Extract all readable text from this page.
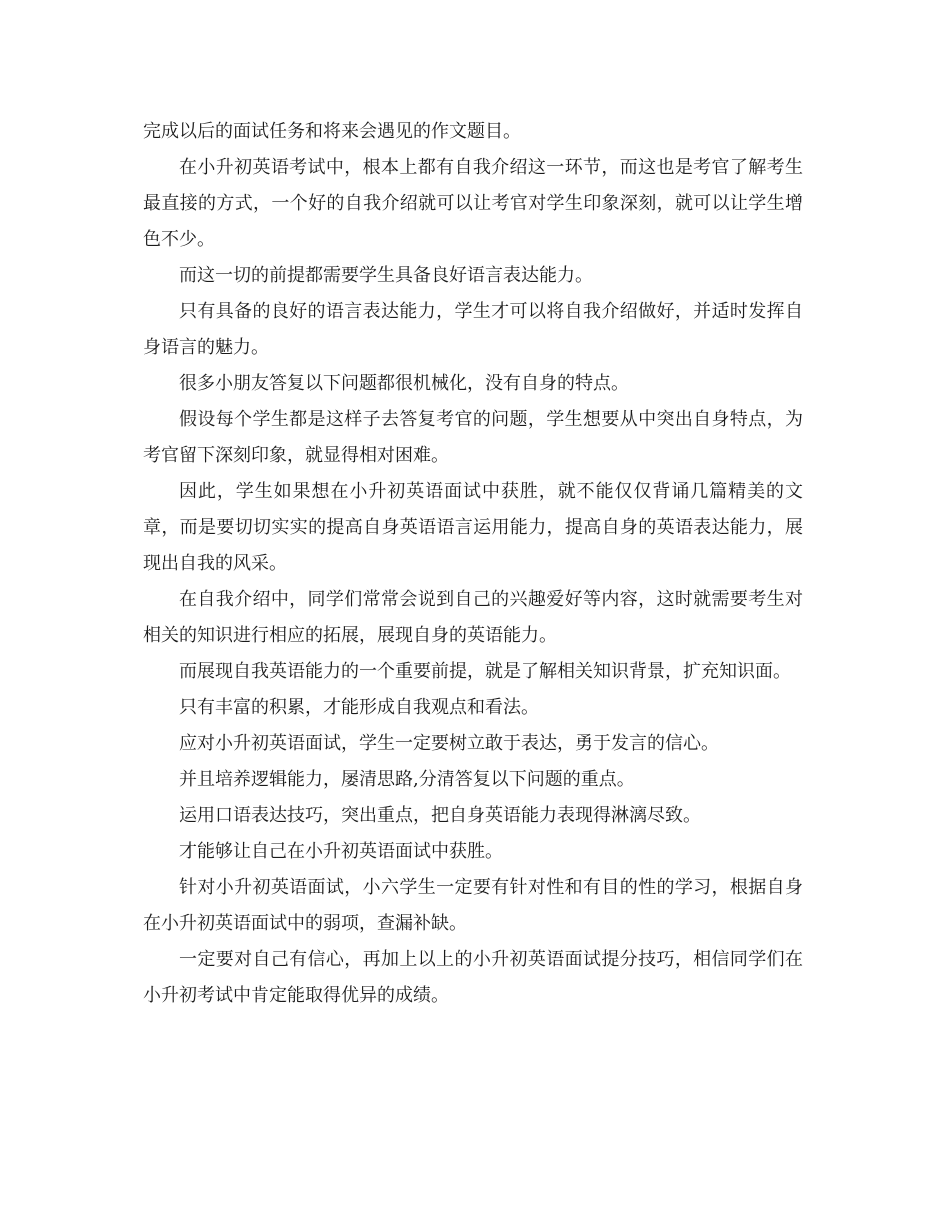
完成以后的面试任务和将来会遇见的作文题目。

在小升初英语考试中，根本上都有自我介绍这一环节，而这也是考官了解考生最直接的方式，一个好的自我介绍就可以让考官对学生印象深刻，就可以让学生增色不少。

而这一切的前提都需要学生具备良好语言表达能力。

只有具备的良好的语言表达能力，学生才可以将自我介绍做好，并适时发挥自身语言的魅力。

很多小朋友答复以下问题都很机械化，没有自身的特点。

假设每个学生都是这样子去答复考官的问题，学生想要从中突出自身特点，为考官留下深刻印象，就显得相对困难。

因此，学生如果想在小升初英语面试中获胜，就不能仅仅背诵几篇精美的文章，而是要切切实实的提高自身英语语言运用能力，提高自身的英语表达能力，展现出自我的风采。

在自我介绍中，同学们常常会说到自己的兴趣爱好等内容，这时就需要考生对相关的知识进行相应的拓展，展现自身的英语能力。

而展现自我英语能力的一个重要前提，就是了解相关知识背景，扩充知识面。

只有丰富的积累，才能形成自我观点和看法。

应对小升初英语面试，学生一定要树立敢于表达，勇于发言的信心。

并且培养逻辑能力，屡清思路,分清答复以下问题的重点。

运用口语表达技巧，突出重点，把自身英语能力表现得淋漓尽致。

才能够让自己在小升初英语面试中获胜。

针对小升初英语面试，小六学生一定要有针对性和有目的性的学习，根据自身在小升初英语面试中的弱项，查漏补缺。

一定要对自己有信心，再加上以上的小升初英语面试提分技巧，相信同学们在小升初考试中肯定能取得优异的成绩。
